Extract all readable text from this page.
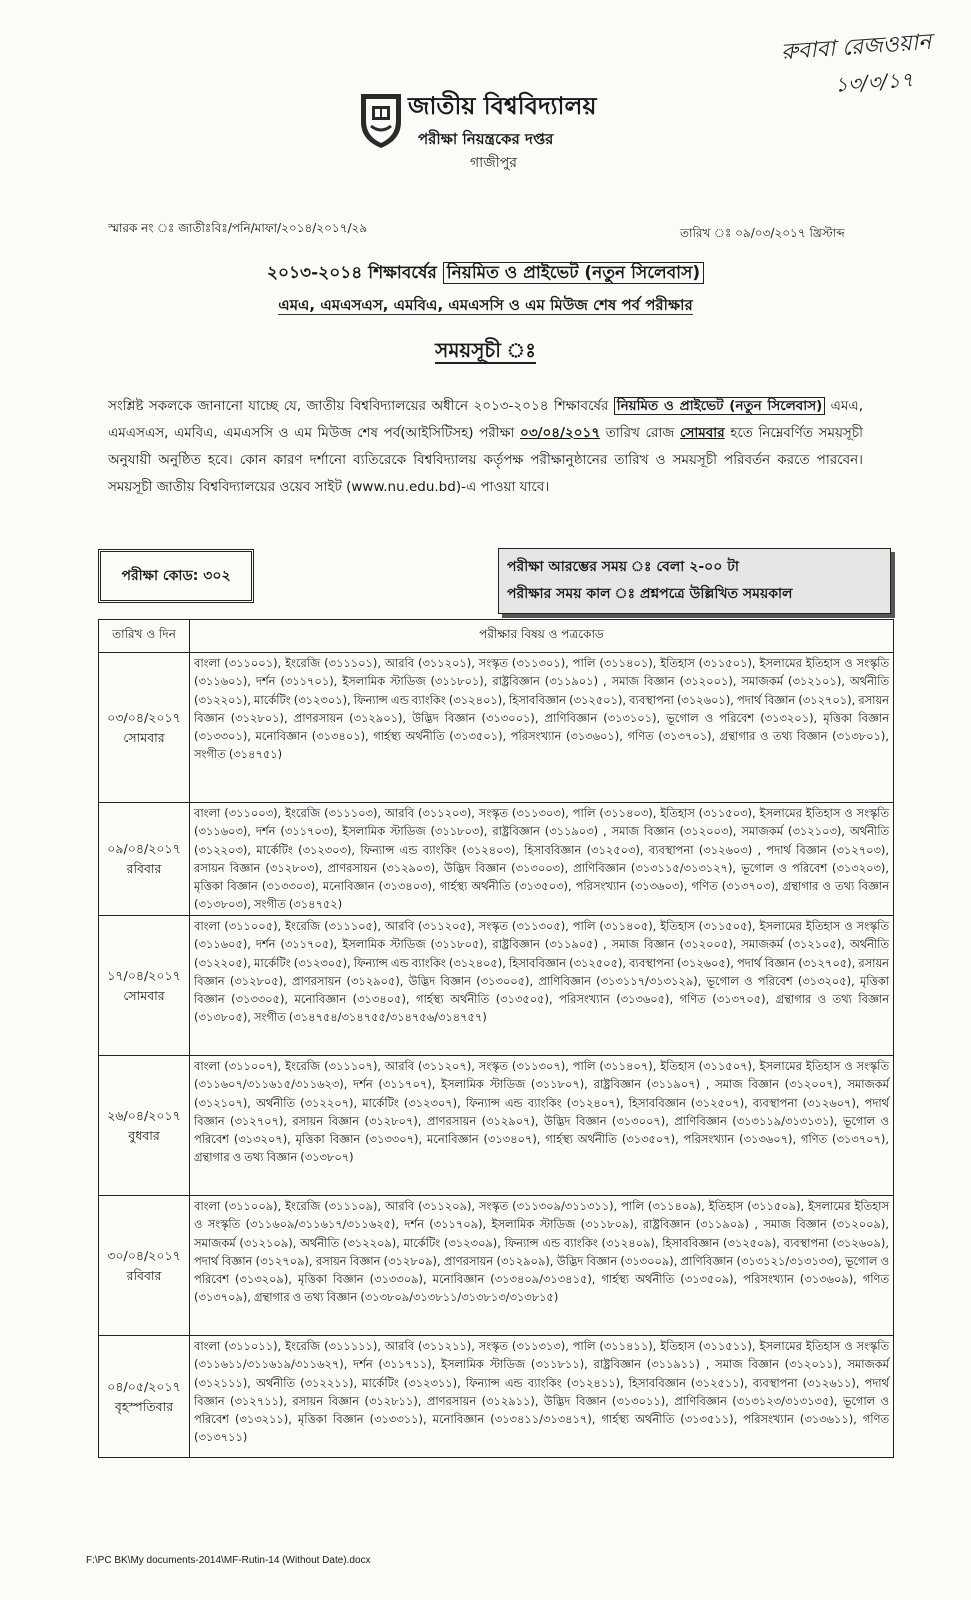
রুবাবা রেজওয়ান
১৩/৩/১৭
জাতীয় বিশ্ববিদ্যালয়
পরীক্ষা নিয়ন্ত্রকের দপ্তর
গাজীপুর
স্মারক নং ঃ জাতীঃবিঃ/পনি/মাফা/২০১৪/২০১৭/২৯	তারিখ ঃ ০৯/০৩/২০১৭ খ্রিস্টাব্দ
২০১৩-২০১৪ শিক্ষাবর্ষের নিয়মিত ও প্রাইভেট (নতুন সিলেবাস)
এমএ, এমএসএস, এমবিএ, এমএসসি ও এম মিউজ শেষ পর্ব পরীক্ষার
সময়সূচী ঃ
সংশ্লিষ্ট সকলকে জানানো যাচ্ছে যে, জাতীয় বিশ্ববিদ্যালয়ের অধীনে ২০১৩-২০১৪ শিক্ষাবর্ষের নিয়মিত ও প্রাইভেট (নতুন সিলেবাস) এমএ, এমএসএস, এমবিএ, এমএসসি ও এম মিউজ শেষ পর্ব(আইসিটিসহ) পরীক্ষা ০৩/০৪/২০১৭ তারিখ রোজ সোমবার হতে নিম্নেবর্ণিত সময়সূচী অনুযায়ী অনুষ্ঠিত হবে। কোন কারণ দর্শানো ব্যতিরেকে বিশ্ববিদ্যালয় কর্তৃপক্ষ পরীক্ষানুষ্ঠানের তারিখ ও সময়সূচী পরিবর্তন করতে পারবেন। সময়সূচী জাতীয় বিশ্ববিদ্যালয়ের ওয়েব সাইট (www.nu.edu.bd)-এ পাওয়া যাবে।
পরীক্ষা কোড: ৩০২
পরীক্ষা আরম্ভের সময় ঃ বেলা ২-০০ টা
পরীক্ষার সময় কাল ঃ প্রশ্নপত্রে উল্লিখিত সময়কাল
তারিখ ও দিন	পরীক্ষার বিষয় ও পত্রকোড

০৩/০৪/২০১৭
সোমবার	বাংলা (৩১১০০১), ইংরেজি (৩১১১০১), আরবি (৩১১২০১), সংস্কৃত (৩১১৩০১), পালি (৩১১৪০১), ইতিহাস (৩১১৫০১), ইসলামের ইতিহাস ও সংস্কৃতি (৩১১৬০১), দর্শন (৩১১৭০১), ইসলামিক স্টাডিজ (৩১১৮০১), রাষ্ট্রবিজ্ঞান (৩১১৯০১) , সমাজ বিজ্ঞান (৩১২০০১), সমাজকর্ম (৩১২১০১), অর্থনীতি (৩১২২০১), মার্কেটিং (৩১২৩০১), ফিন্যান্স এন্ড ব্যাংকিং (৩১২৪০১), হিসাববিজ্ঞান (৩১২৫০১), ব্যবস্থাপনা (৩১২৬০১), পদার্থ বিজ্ঞান (৩১২৭০১), রসায়ন বিজ্ঞান (৩১২৮০১), প্রাণরসায়ন (৩১২৯০১), উদ্ভিদ বিজ্ঞান (৩১৩০০১), প্রাণিবিজ্ঞান (৩১৩১০১), ভূগোল ও পরিবেশ (৩১৩২০১), মৃত্তিকা বিজ্ঞান (৩১৩৩০১), মনোবিজ্ঞান (৩১৩৪০১), গার্হস্থ্য অর্থনীতি (৩১৩৫০১), পরিসংখ্যান (৩১৩৬০১), গণিত (৩১৩৭০১), গ্রন্থাগার ও তথ্য বিজ্ঞান (৩১৩৮০১), সংগীত (৩১৪৭৫১)

০৯/০৪/২০১৭
রবিবার	বাংলা (৩১১০০৩), ইংরেজি (৩১১১০৩), আরবি (৩১১২০৩), সংস্কৃত (৩১১৩০৩), পালি (৩১১৪০৩), ইতিহাস (৩১১৫০৩), ইসলামের ইতিহাস ও সংস্কৃতি (৩১১৬০৩), দর্শন (৩১১৭০৩), ইসলামিক স্টাডিজ (৩১১৮০৩), রাষ্ট্রবিজ্ঞান (৩১১৯০৩) , সমাজ বিজ্ঞান (৩১২০০৩), সমাজকর্ম (৩১২১০৩), অর্থনীতি (৩১২২০৩), মার্কেটিং (৩১২৩০৩), ফিন্যান্স এন্ড ব্যাংকিং (৩১২৪০৩), হিসাববিজ্ঞান (৩১২৫০৩), ব্যবস্থাপনা (৩১২৬০৩) , পদার্থ বিজ্ঞান (৩১২৭০৩), রসায়ন বিজ্ঞান (৩১২৮০৩), প্রাণরসায়ন (৩১২৯০৩), উদ্ভিদ বিজ্ঞান (৩১৩০০৩), প্রাণিবিজ্ঞান (৩১৩১১৫/৩১৩১২৭), ভূগোল ও পরিবেশ (৩১৩২০৩), মৃত্তিকা বিজ্ঞান (৩১৩৩০৩), মনোবিজ্ঞান (৩১৩৪০৩), গার্হস্থ্য অর্থনীতি (৩১৩৫০৩), পরিসংখ্যান (৩১৩৬০৩), গণিত (৩১৩৭০৩), গ্রন্থাগার ও তথ্য বিজ্ঞান (৩১৩৮০৩), সংগীত (৩১৪৭৫২)

১৭/০৪/২০১৭
সোমবার	বাংলা (৩১১০০৫), ইংরেজি (৩১১১০৫), আরবি (৩১১২০৫), সংস্কৃত (৩১১৩০৫), পালি (৩১১৪০৫), ইতিহাস (৩১১৫০৫), ইসলামের ইতিহাস ও সংস্কৃতি (৩১১৬০৫), দর্শন (৩১১৭০৫), ইসলামিক স্টাডিজ (৩১১৮০৫), রাষ্ট্রবিজ্ঞান (৩১১৯০৫) , সমাজ বিজ্ঞান (৩১২০০৫), সমাজকর্ম (৩১২১০৫), অর্থনীতি (৩১২২০৫), মার্কেটিং (৩১২৩০৫), ফিন্যান্স এন্ড ব্যাংকিং (৩১২৪০৫), হিসাববিজ্ঞান (৩১২৫০৫), ব্যবস্থাপনা (৩১২৬০৫), পদার্থ বিজ্ঞান (৩১২৭০৫), রসায়ন বিজ্ঞান (৩১২৮০৫), প্রাণরসায়ন (৩১২৯০৫), উদ্ভিদ বিজ্ঞান (৩১৩০০৫), প্রাণিবিজ্ঞান (৩১৩১১৭/৩১৩১২৯), ভূগোল ও পরিবেশ (৩১৩২০৫), মৃত্তিকা বিজ্ঞান (৩১৩৩০৫), মনোবিজ্ঞান (৩১৩৪০৫), গার্হস্থ্য অর্থনীতি (৩১৩৫০৫), পরিসংখ্যান (৩১৩৬০৫), গণিত (৩১৩৭০৫), গ্রন্থাগার ও তথ্য বিজ্ঞান (৩১৩৮০৫), সংগীত (৩১৪৭৫৪/৩১৪৭৫৫/৩১৪৭৫৬/৩১৪৭৫৭)

২৬/০৪/২০১৭
বুধবার	বাংলা (৩১১০০৭), ইংরেজি (৩১১১০৭), আরবি (৩১১২০৭), সংস্কৃত (৩১১৩০৭), পালি (৩১১৪০৭), ইতিহাস (৩১১৫০৭), ইসলামের ইতিহাস ও সংস্কৃতি (৩১১৬০৭/৩১১৬১৫/৩১১৬২৩), দর্শন (৩১১৭০৭), ইসলামিক স্টাডিজ (৩১১৮০৭), রাষ্ট্রবিজ্ঞান (৩১১৯০৭) , সমাজ বিজ্ঞান (৩১২০০৭), সমাজকর্ম (৩১২১০৭), অর্থনীতি (৩১২২০৭), মার্কেটিং (৩১২৩০৭), ফিন্যান্স এন্ড ব্যাংকিং (৩১২৪০৭), হিসাববিজ্ঞান (৩১২৫০৭), ব্যবস্থাপনা (৩১২৬০৭), পদার্থ বিজ্ঞান (৩১২৭০৭), রসায়ন বিজ্ঞান (৩১২৮০৭), প্রাণরসায়ন (৩১২৯০৭), উদ্ভিদ বিজ্ঞান (৩১৩০০৭), প্রাণিবিজ্ঞান (৩১৩১১৯/৩১৩১৩১), ভূগোল ও পরিবেশ (৩১৩২০৭), মৃত্তিকা বিজ্ঞান (৩১৩৩০৭), মনোবিজ্ঞান (৩১৩৪০৭), গার্হস্থ্য অর্থনীতি (৩১৩৫০৭), পরিসংখ্যান (৩১৩৬০৭), গণিত (৩১৩৭০৭), গ্রন্থাগার ও তথ্য বিজ্ঞান (৩১৩৮০৭)

৩০/০৪/২০১৭
রবিবার	বাংলা (৩১১০০৯), ইংরেজি (৩১১১০৯), আরবি (৩১১২০৯), সংস্কৃত (৩১১৩০৯/৩১১৩১১), পালি (৩১১৪০৯), ইতিহাস (৩১১৫০৯), ইসলামের ইতিহাস ও সংস্কৃতি (৩১১৬০৯/৩১১৬১৭/৩১১৬২৫), দর্শন (৩১১৭০৯), ইসলামিক স্টাডিজ (৩১১৮০৯), রাষ্ট্রবিজ্ঞান (৩১১৯০৯) , সমাজ বিজ্ঞান (৩১২০০৯), সমাজকর্ম (৩১২১০৯), অর্থনীতি (৩১২২০৯), মার্কেটিং (৩১২৩০৯), ফিন্যান্স এন্ড ব্যাংকিং (৩১২৪০৯), হিসাববিজ্ঞান (৩১২৫০৯), ব্যবস্থাপনা (৩১২৬০৯), পদার্থ বিজ্ঞান (৩১২৭০৯), রসায়ন বিজ্ঞান (৩১২৮০৯), প্রাণরসায়ন (৩১২৯০৯), উদ্ভিদ বিজ্ঞান (৩১৩০০৯), প্রাণিবিজ্ঞান (৩১৩১২১/৩১৩১৩৩), ভূগোল ও পরিবেশ (৩১৩২০৯), মৃত্তিকা বিজ্ঞান (৩১৩৩০৯), মনোবিজ্ঞান (৩১৩৪০৯/৩১৩৪১৫), গার্হস্থ্য অর্থনীতি (৩১৩৫০৯), পরিসংখ্যান (৩১৩৬০৯), গণিত (৩১৩৭০৯), গ্রন্থাগার ও তথ্য বিজ্ঞান (৩১৩৮০৯/৩১৩৮১১/৩১৩৮১৩/৩১৩৮১৫)

০৪/০৫/২০১৭
বৃহস্পতিবার	বাংলা (৩১১০১১), ইংরেজি (৩১১১১১), আরবি (৩১১২১১), সংস্কৃত (৩১১৩১৩), পালি (৩১১৪১১), ইতিহাস (৩১১৫১১), ইসলামের ইতিহাস ও সংস্কৃতি (৩১১৬১১/৩১১৬১৯/৩১১৬২৭), দর্শন (৩১১৭১১), ইসলামিক স্টাডিজ (৩১১৮১১), রাষ্ট্রবিজ্ঞান (৩১১৯১১) , সমাজ বিজ্ঞান (৩১২০১১), সমাজকর্ম (৩১২১১১), অর্থনীতি (৩১২২১১), মার্কেটিং (৩১২৩১১), ফিন্যান্স এন্ড ব্যাংকিং (৩১২৪১১), হিসাববিজ্ঞান (৩১২৫১১), ব্যবস্থাপনা (৩১২৬১১), পদার্থ বিজ্ঞান (৩১২৭১১), রসায়ন বিজ্ঞান (৩১২৮১১), প্রাণরসায়ন (৩১২৯১১), উদ্ভিদ বিজ্ঞান (৩১৩০১১), প্রাণিবিজ্ঞান (৩১৩১২৩/৩১৩১৩৫), ভূগোল ও পরিবেশ (৩১৩২১১), মৃত্তিকা বিজ্ঞান (৩১৩৩১১), মনোবিজ্ঞান (৩১৩৪১১/৩১৩৪১৭), গার্হস্থ্য অর্থনীতি (৩১৩৫১১), পরিসংখ্যান (৩১৩৬১১), গণিত (৩১৩৭১১)
F:\PC BK\My documents-2014\MF-Rutin-14 (Without Date).docx
